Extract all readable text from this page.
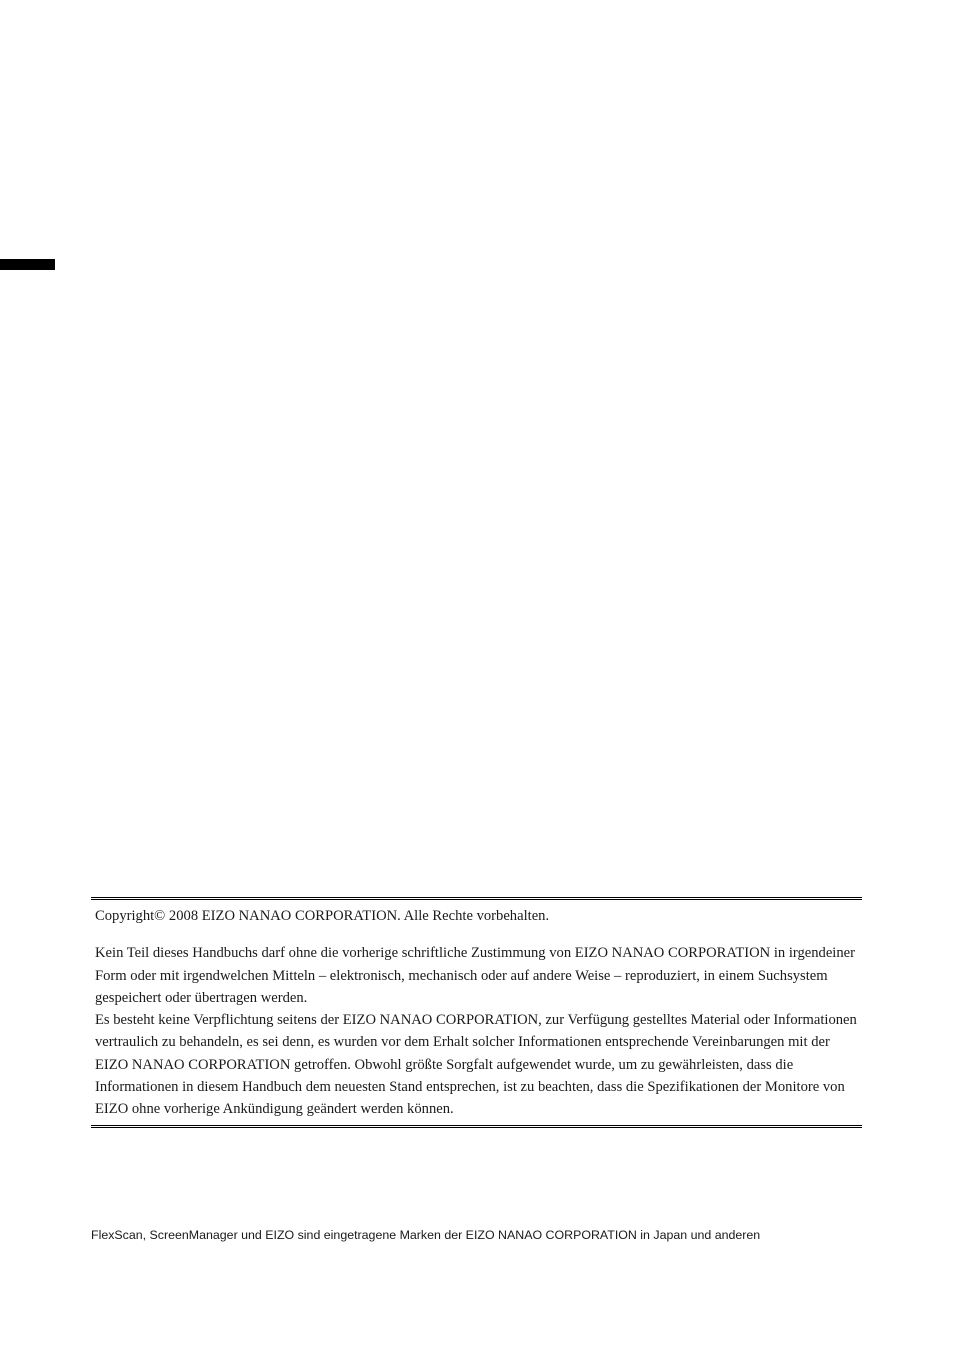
Copyright© 2008 EIZO NANAO CORPORATION. Alle Rechte vorbehalten.

Kein Teil dieses Handbuchs darf ohne die vorherige schriftliche Zustimmung von EIZO NANAO CORPORATION in irgendeiner Form oder mit irgendwelchen Mitteln – elektronisch, mechanisch oder auf andere Weise – reproduziert, in einem Suchsystem gespeichert oder übertragen werden.

Es besteht keine Verpflichtung seitens der EIZO NANAO CORPORATION, zur Verfügung gestelltes Material oder Informationen vertraulich zu behandeln, es sei denn, es wurden vor dem Erhalt solcher Informationen entsprechende Vereinbarungen mit der EIZO NANAO CORPORATION getroffen. Obwohl größte Sorgfalt aufgewendet wurde, um zu gewährleisten, dass die Informationen in diesem Handbuch dem neuesten Stand entsprechen, ist zu beachten, dass die Spezifikationen der Monitore von EIZO ohne vorherige Ankündigung geändert werden können.

FlexScan, ScreenManager und EIZO sind eingetragene Marken der EIZO NANAO CORPORATION in Japan und anderen
